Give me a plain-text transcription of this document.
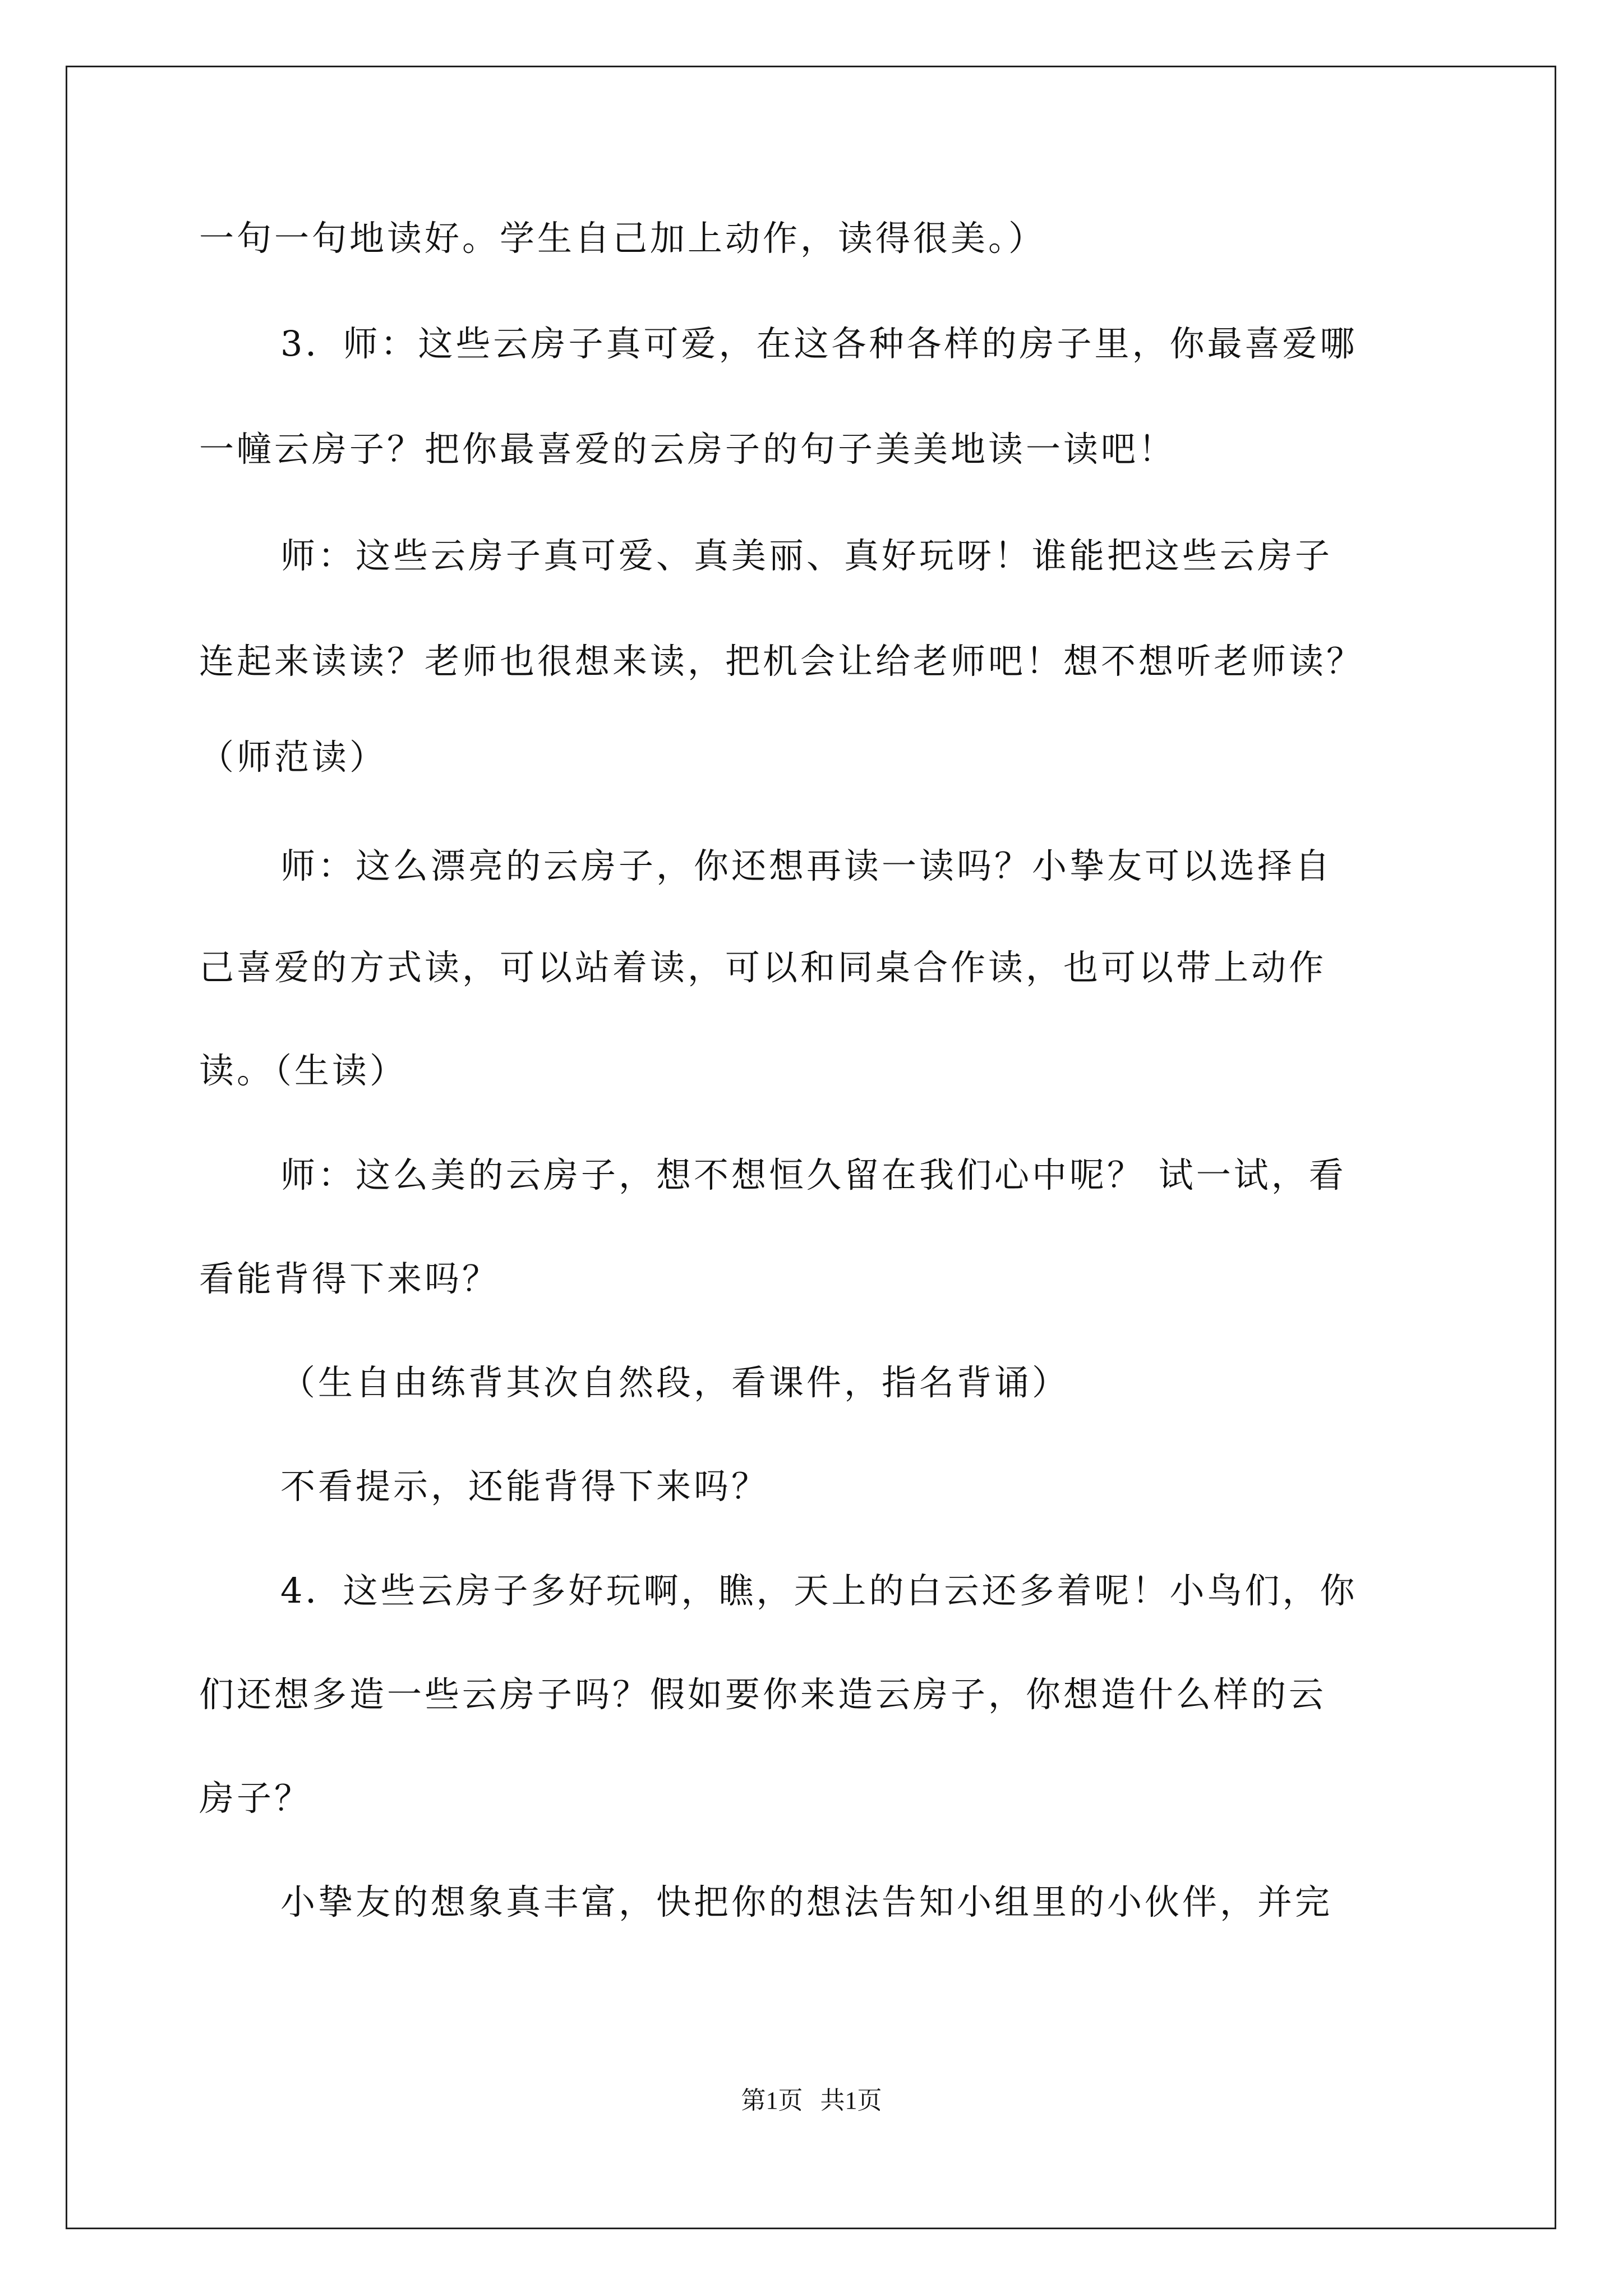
一句一句地读好。学生自己加上动作，读得很美。）
3．师：这些云房子真可爱，在这各种各样的房子里，你最喜爱哪
一幢云房子？把你最喜爱的云房子的句子美美地读一读吧！
师：这些云房子真可爱、真美丽、真好玩呀！谁能把这些云房子
连起来读读？老师也很想来读，把机会让给老师吧！想不想听老师读？
（师范读）
师：这么漂亮的云房子，你还想再读一读吗？小挚友可以选择自
己喜爱的方式读，可以站着读，可以和同桌合作读，也可以带上动作
读。（生读）
师：这么美的云房子，想不想恒久留在我们心中呢？ 试一试，看
看能背得下来吗？
（生自由练背其次自然段，看课件，指名背诵）
不看提示，还能背得下来吗？
4．这些云房子多好玩啊，瞧，天上的白云还多着呢！小鸟们，你
们还想多造一些云房子吗？假如要你来造云房子，你想造什么样的云
房子？
小挚友的想象真丰富，快把你的想法告知小组里的小伙伴，并完
第1页 共1页
